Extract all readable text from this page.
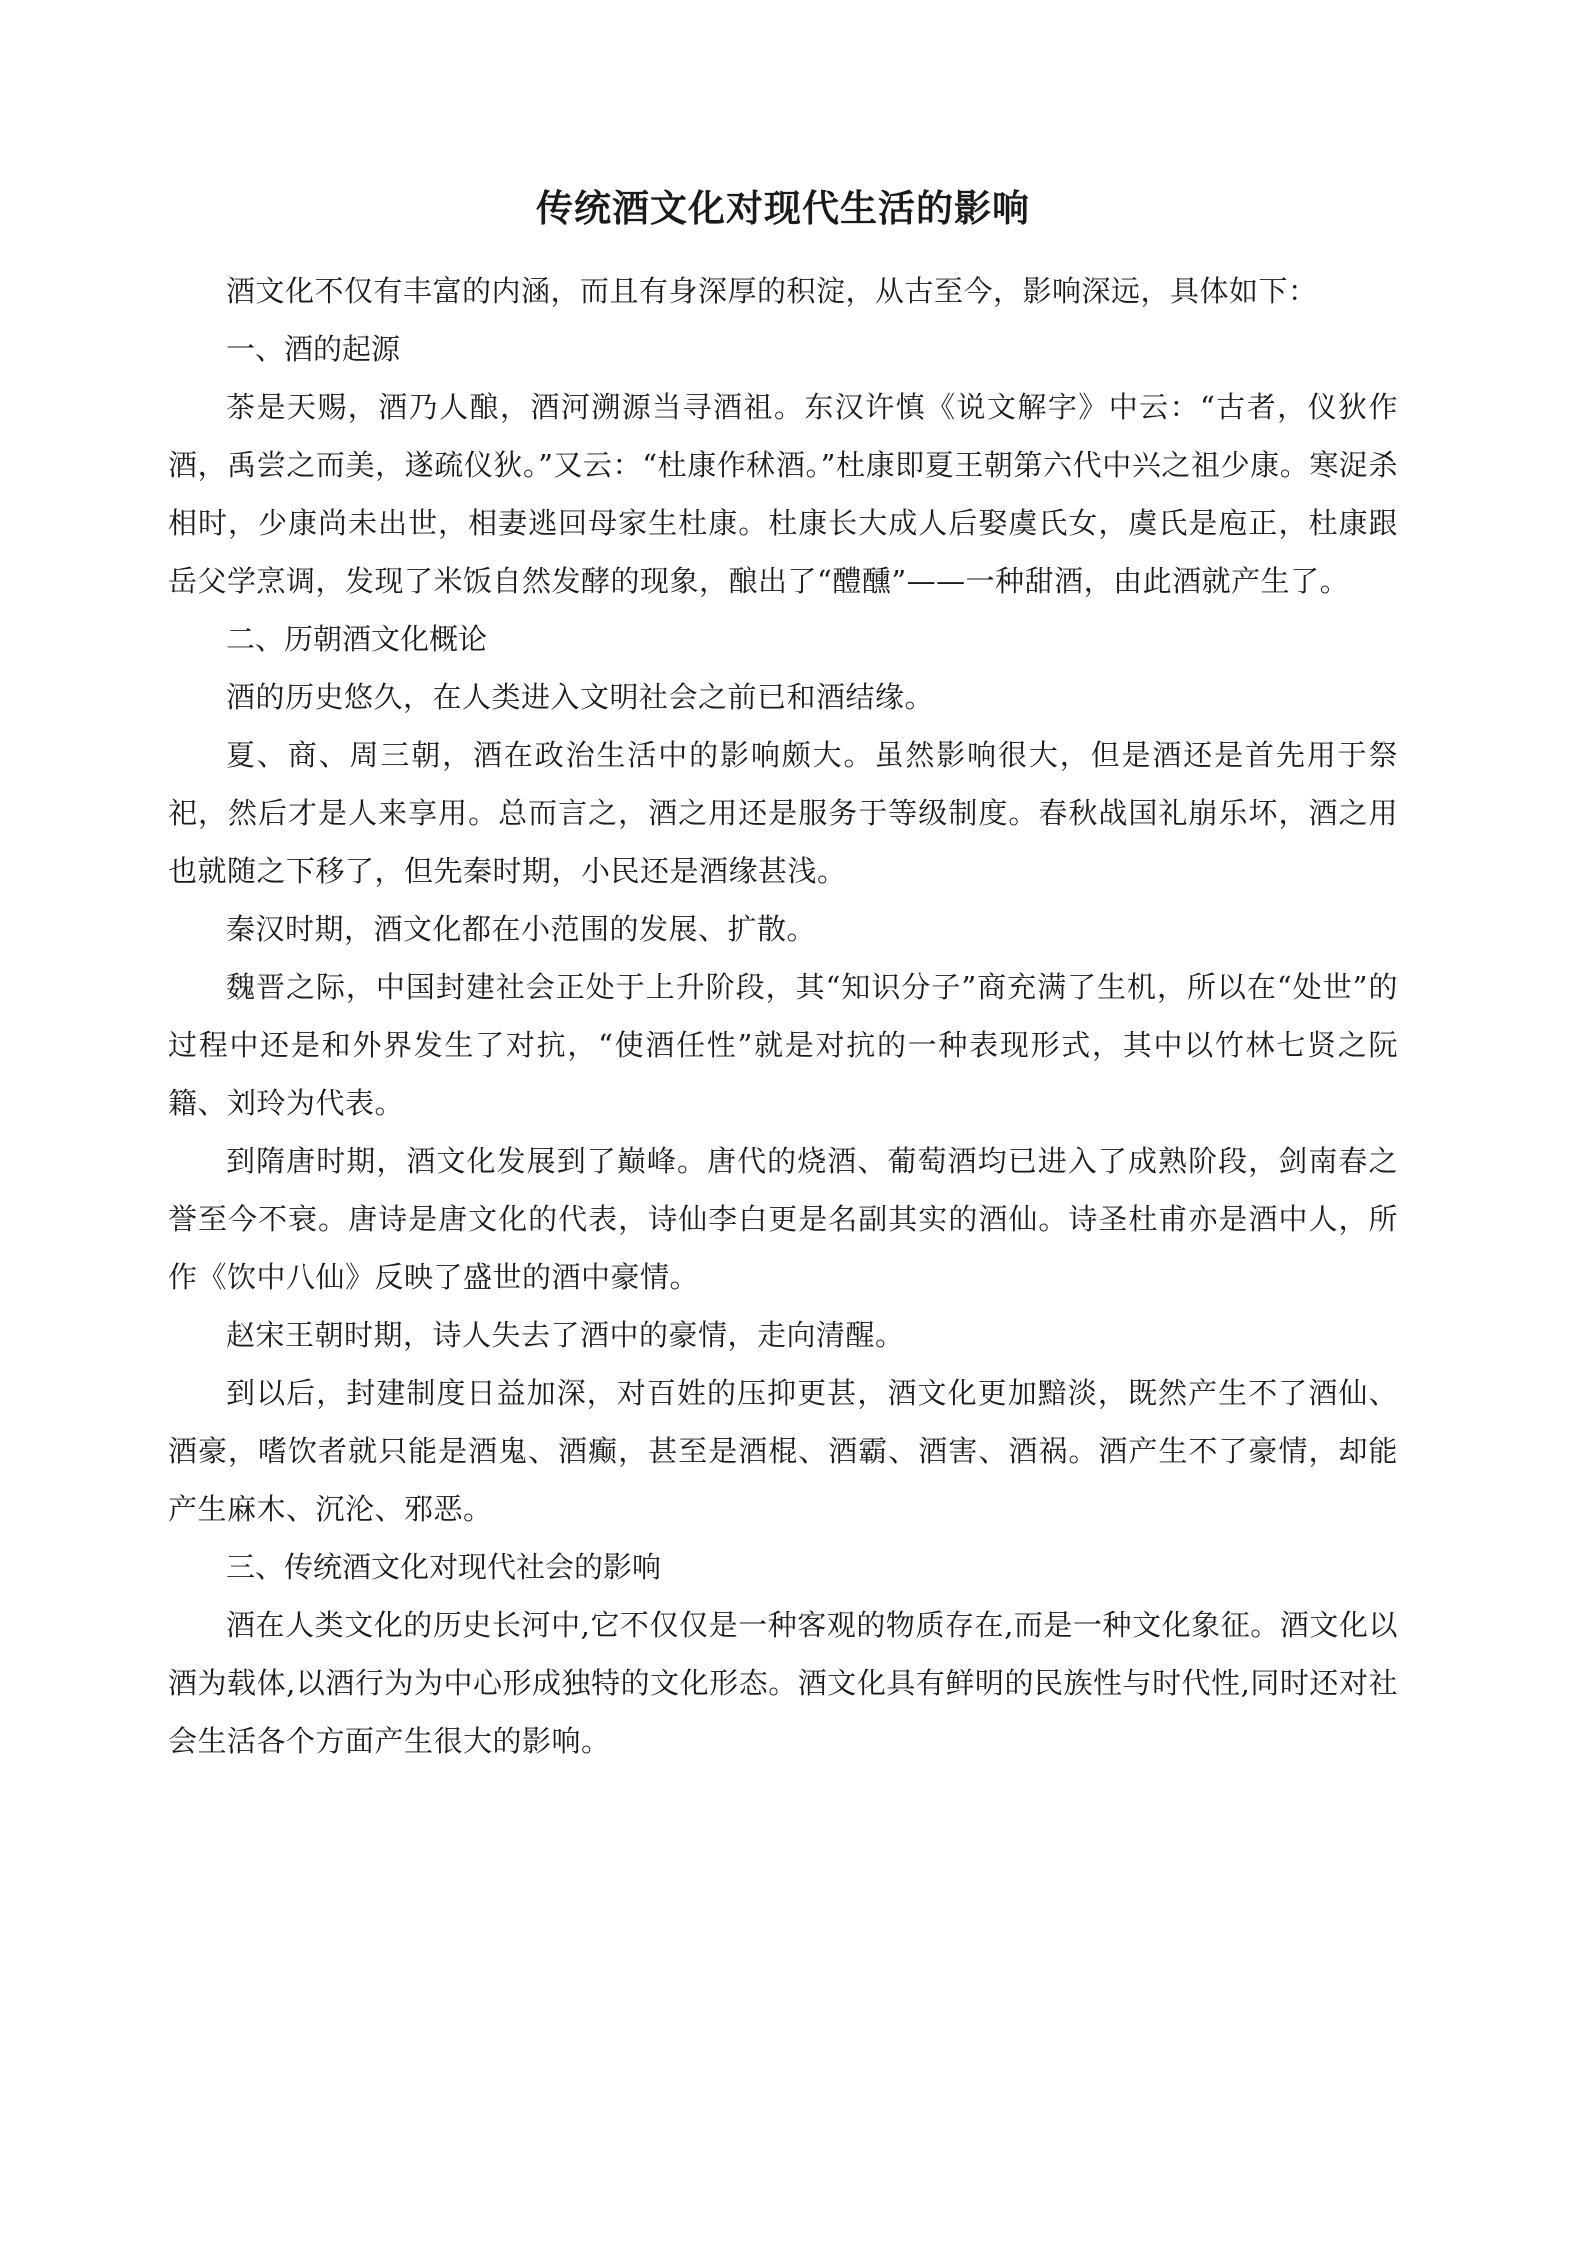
传统酒文化对现代生活的影响

酒文化不仅有丰富的内涵，而且有身深厚的积淀，从古至今，影响深远，具体如下：

一、酒的起源

茶是天赐，酒乃人酿，酒河溯源当寻酒祖。东汉许慎《说文解字》中云：“古者，仪狄作酒，禹尝之而美，遂疏仪狄。”又云：“杜康作秫酒。”杜康即夏王朝第六代中兴之祖少康。寒浞杀相时，少康尚未出世，相妻逃回母家生杜康。杜康长大成人后娶虞氏女，虞氏是庖正，杜康跟岳父学烹调，发现了米饭自然发酵的现象，酿出了“醴醺”——一种甜酒，由此酒就产生了。

二、历朝酒文化概论

酒的历史悠久，在人类进入文明社会之前已和酒结缘。

夏、商、周三朝，酒在政治生活中的影响颇大。虽然影响很大，但是酒还是首先用于祭祀，然后才是人来享用。总而言之，酒之用还是服务于等级制度。春秋战国礼崩乐坏，酒之用也就随之下移了，但先秦时期，小民还是酒缘甚浅。

秦汉时期，酒文化都在小范围的发展、扩散。

魏晋之际，中国封建社会正处于上升阶段，其“知识分子”商充满了生机，所以在“处世”的过程中还是和外界发生了对抗，“使酒任性”就是对抗的一种表现形式，其中以竹林七贤之阮籍、刘玲为代表。

到隋唐时期，酒文化发展到了巅峰。唐代的烧酒、葡萄酒均已进入了成熟阶段，剑南春之誉至今不衰。唐诗是唐文化的代表，诗仙李白更是名副其实的酒仙。诗圣杜甫亦是酒中人，所作《饮中八仙》反映了盛世的酒中豪情。

赵宋王朝时期，诗人失去了酒中的豪情，走向清醒。

到以后，封建制度日益加深，对百姓的压抑更甚，酒文化更加黯淡，既然产生不了酒仙、酒豪，嗜饮者就只能是酒鬼、酒癫，甚至是酒棍、酒霸、酒害、酒祸。酒产生不了豪情，却能产生麻木、沉沦、邪恶。

三、传统酒文化对现代社会的影响

酒在人类文化的历史长河中,它不仅仅是一种客观的物质存在,而是一种文化象征。酒文化以酒为载体,以酒行为为中心形成独特的文化形态。酒文化具有鲜明的民族性与时代性,同时还对社会生活各个方面产生很大的影响。
